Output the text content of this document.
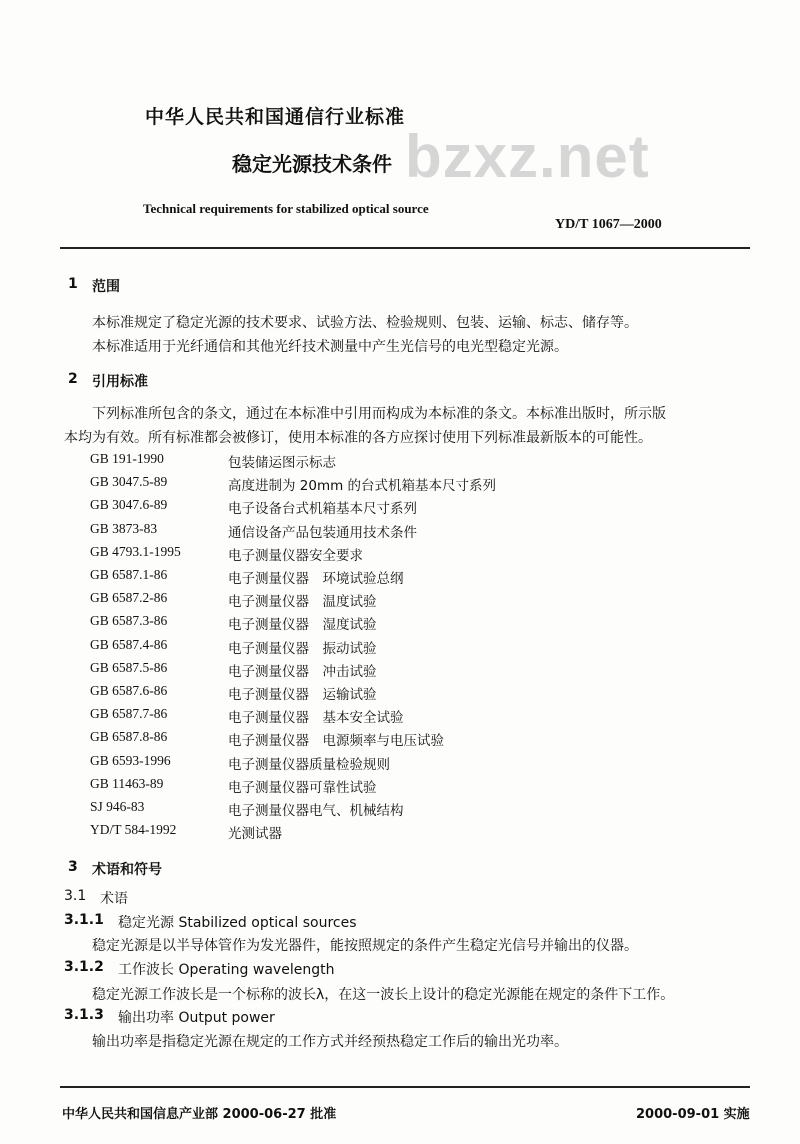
bzxz.net
中华人民共和国通信行业标准
稳定光源技术条件
Technical requirements for stabilized optical source
YD/T 1067—2000
1 范围
本标准规定了稳定光源的技术要求、试验方法、检验规则、包装、运输、标志、储存等。
本标准适用于光纤通信和其他光纤技术测量中产生光信号的电光型稳定光源。
2 引用标准
下列标准所包含的条文，通过在本标准中引用而构成为本标准的条文。本标准出版时，所示版
本均为有效。所有标准都会被修订，使用本标准的各方应探讨使用下列标准最新版本的可能性。
GB 191-1990	包装储运图示标志
GB 3047.5-89	高度进制为 20mm 的台式机箱基本尺寸系列
GB 3047.6-89	电子设备台式机箱基本尺寸系列
GB 3873-83	通信设备产品包装通用技术条件
GB 4793.1-1995	电子测量仪器安全要求
GB 6587.1-86	电子测量仪器　环境试验总纲
GB 6587.2-86	电子测量仪器　温度试验
GB 6587.3-86	电子测量仪器　湿度试验
GB 6587.4-86	电子测量仪器　振动试验
GB 6587.5-86	电子测量仪器　冲击试验
GB 6587.6-86	电子测量仪器　运输试验
GB 6587.7-86	电子测量仪器　基本安全试验
GB 6587.8-86	电子测量仪器　电源频率与电压试验
GB 6593-1996	电子测量仪器质量检验规则
GB 11463-89	电子测量仪器可靠性试验
SJ 946-83	电子测量仪器电气、机械结构
YD/T 584-1992	光测试器
3 术语和符号
3.1 术语
3.1.1 稳定光源 Stabilized optical sources
稳定光源是以半导体管作为发光器件，能按照规定的条件产生稳定光信号并输出的仪器。
3.1.2 工作波长 Operating wavelength
稳定光源工作波长是一个标称的波长λ，在这一波长上设计的稳定光源能在规定的条件下工作。
3.1.3 输出功率 Output power
输出功率是指稳定光源在规定的工作方式并经预热稳定工作后的输出光功率。
中华人民共和国信息产业部 2000-06-27 批准	2000-09-01 实施
